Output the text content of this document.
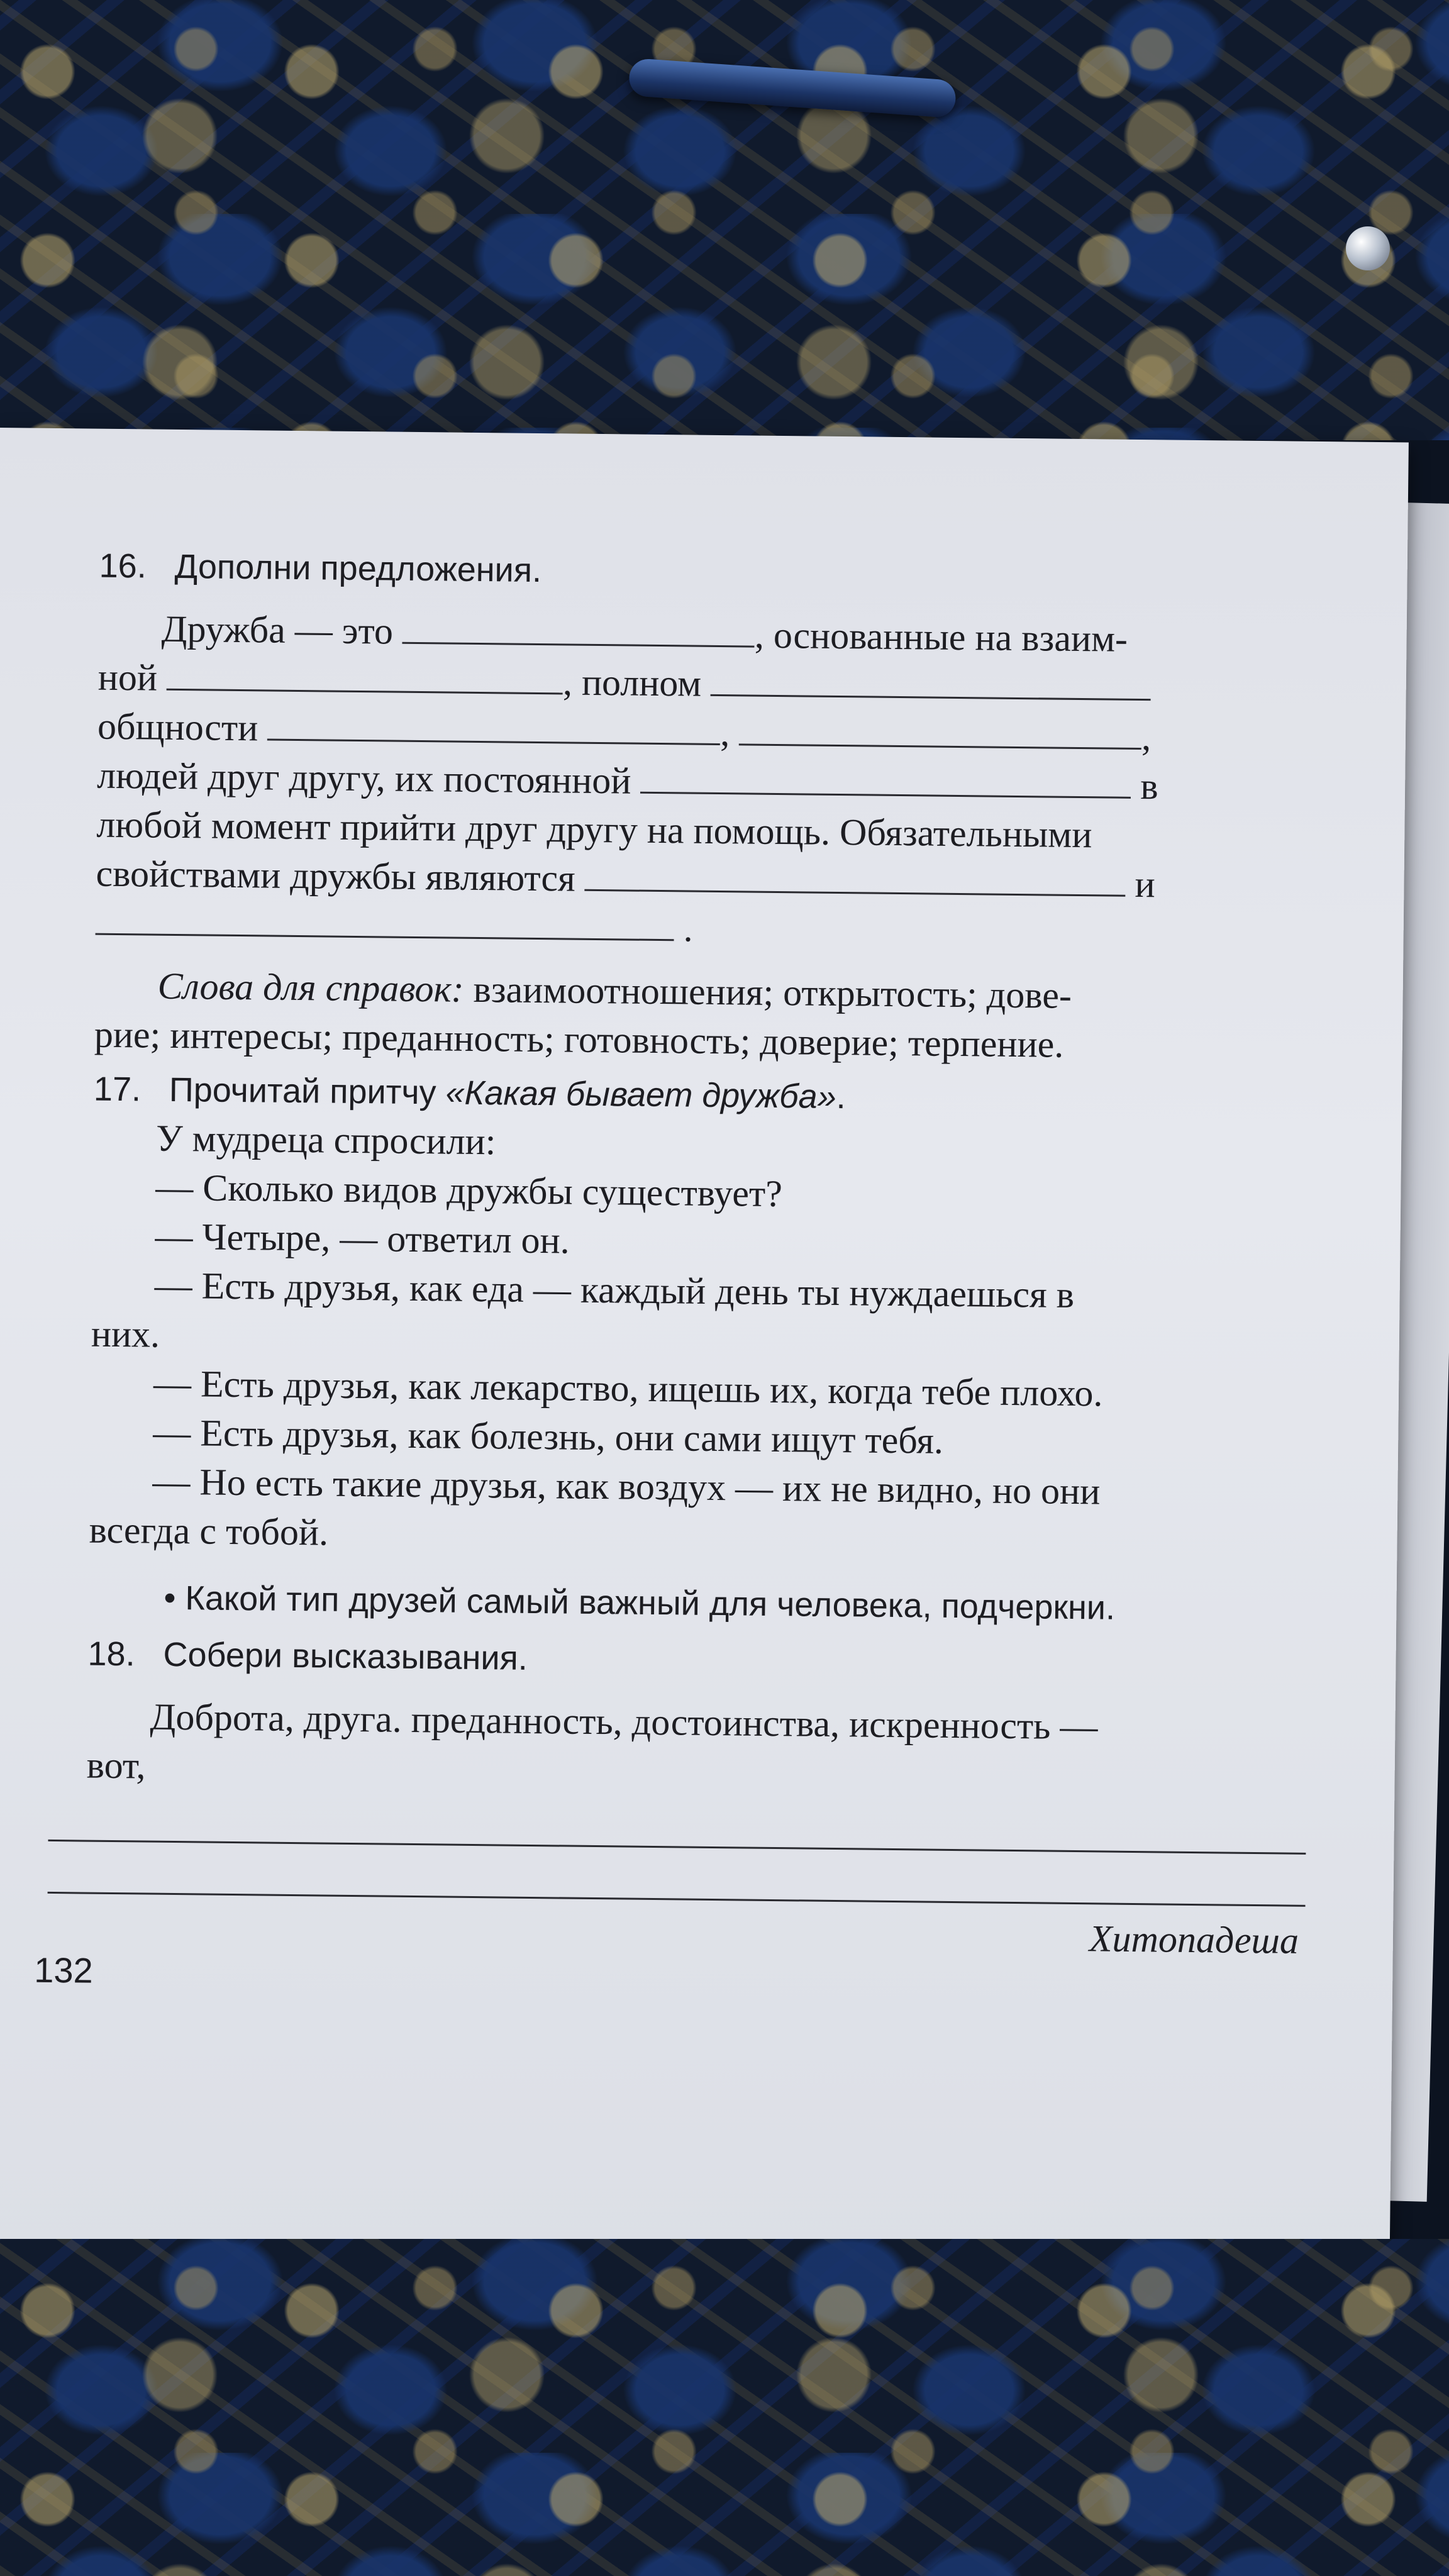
16. Дополни предложения.
Дружба — это	, основанные на взаим-
ной	, полном
общности	,	,
людей друг другу, их постоянной	в
любой момент прийти друг другу на помощь. Обязательными
свойствами дружбы являются	и
.
Слова для справок: взаимоотношения; открытость; дове-
рие; интересы; преданность; готовность; доверие; терпение.
17. Прочитай притчу «Какая бывает дружба».
У мудреца спросили:
— Сколько видов дружбы существует?
— Четыре, — ответил он.
— Есть друзья, как еда — каждый день ты нуждаешься в
них.
— Есть друзья, как лекарство, ищешь их, когда тебе плохо.
— Есть друзья, как болезнь, они сами ищут тебя.
— Но есть такие друзья, как воздух — их не видно, но они
всегда с тобой.
• Какой тип друзей самый важный для человека, подчеркни.
18. Собери высказывания.
Доброта, друга. преданность, достоинства, искренность —
вот,
Хитопадеша
132
